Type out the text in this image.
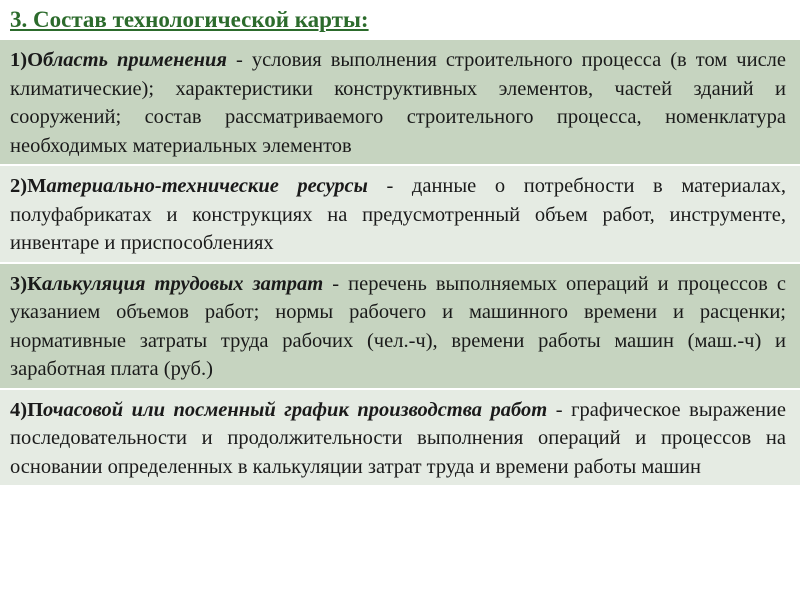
3. Состав технологической карты:
1)Область применения - условия выполнения строительного процесса (в том числе климатические); характеристики конструктивных элементов, частей зданий и сооружений; состав рассматриваемого строительного процесса, номенклатура необходимых материальных элементов
2)Материально-технические ресурсы - данные о потребности в материалах, полуфабрикатах и конструкциях на предусмотренный объем работ, инструменте, инвентаре и приспособлениях
3)Калькуляция трудовых затрат - перечень выполняемых операций и процессов с указанием объемов работ; нормы рабочего и машинного времени и расценки; нормативные затраты труда рабочих (чел.-ч), времени работы машин (маш.-ч) и заработная плата (руб.)
4)Почасовой или посменный график производства работ - графическое выражение последовательности и продолжительности выполнения операций и процессов на основании определенных в калькуляции затрат труда и времени работы машин
